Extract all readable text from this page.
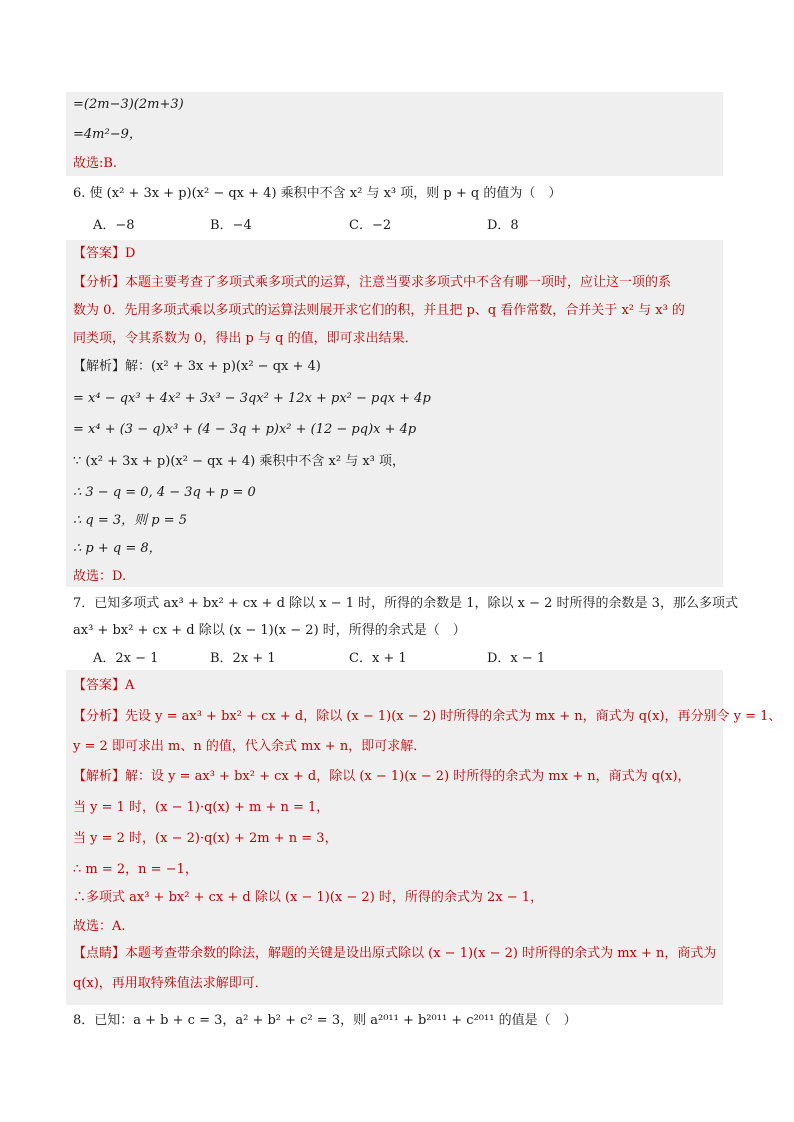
=(2m−3)(2m+3)
=4m²−9，
故选:B.
6. 使 (x² + 3x + p)(x² − qx + 4) 乘积中不含 x² 与 x³ 项，则 p + q 的值为（　）
A．−8	B．−4	C．−2	D．8
【答案】D
【分析】本题主要考查了多项式乘多项式的运算，注意当要求多项式中不含有哪一项时，应让这一项的系
数为 0．先用多项式乘以多项式的运算法则展开求它们的积，并且把 p、q 看作常数，合并关于 x² 与 x³ 的
同类项，令其系数为 0，得出 p 与 q 的值，即可求出结果．
【解析】解：(x² + 3x + p)(x² − qx + 4)
= x⁴ − qx³ + 4x² + 3x³ − 3qx² + 12x + px² − pqx + 4p
= x⁴ + (3 − q)x³ + (4 − 3q + p)x² + (12 − pq)x + 4p
∵ (x² + 3x + p)(x² − qx + 4) 乘积中不含 x² 与 x³ 项，
∴ 3 − q = 0, 4 − 3q + p = 0
∴ q = 3，则 p = 5
∴ p + q = 8，
故选：D.
7．已知多项式 ax³ + bx² + cx + d 除以 x − 1 时，所得的余数是 1，除以 x − 2 时所得的余数是 3，那么多项式
ax³ + bx² + cx + d 除以 (x − 1)(x − 2) 时，所得的余式是（　）
A．2x − 1	B．2x + 1	C．x + 1	D．x − 1
【答案】A
【分析】先设 y = ax³ + bx² + cx + d，除以 (x − 1)(x − 2) 时所得的余式为 mx + n，商式为 q(x)，再分别令 y = 1、
y = 2 即可求出 m、n 的值，代入余式 mx + n，即可求解．
【解析】解：设 y = ax³ + bx² + cx + d，除以 (x − 1)(x − 2) 时所得的余式为 mx + n，商式为 q(x)，
当 y = 1 时，(x − 1)·q(x) + m + n = 1，
当 y = 2 时，(x − 2)·q(x) + 2m + n = 3，
∴ m = 2，n = −1，
∴多项式 ax³ + bx² + cx + d 除以 (x − 1)(x − 2) 时，所得的余式为 2x − 1，
故选：A.
【点睛】本题考查带余数的除法，解题的关键是设出原式除以 (x − 1)(x − 2) 时所得的余式为 mx + n，商式为
q(x)，再用取特殊值法求解即可．
8．已知：a + b + c = 3，a² + b² + c² = 3，则 a²⁰¹¹ + b²⁰¹¹ + c²⁰¹¹ 的值是（　）
